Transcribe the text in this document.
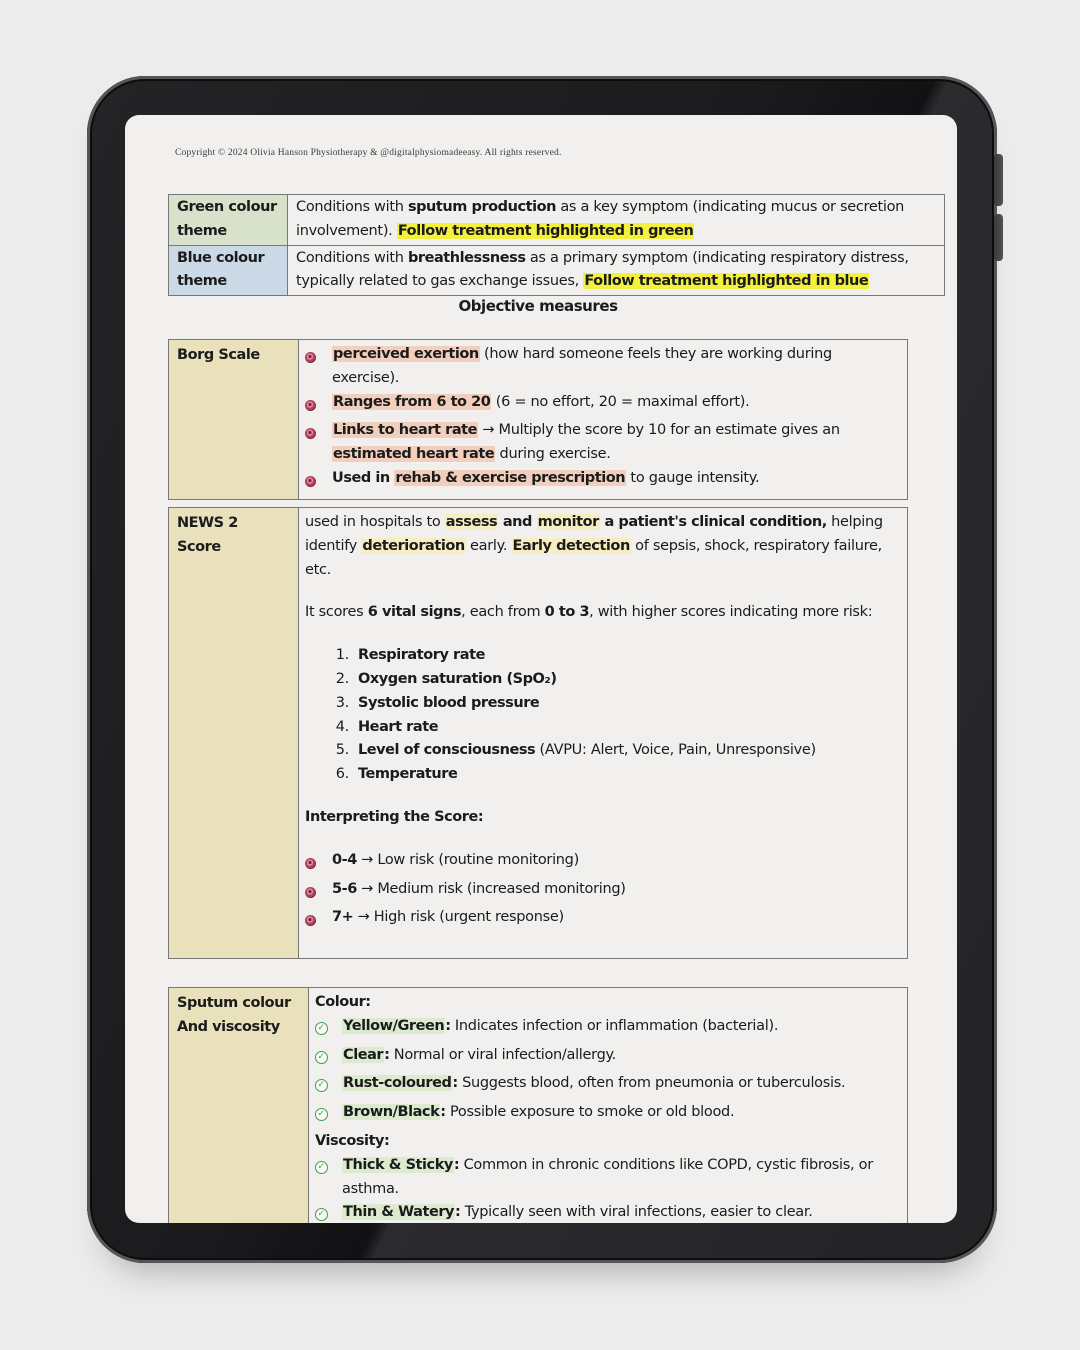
Copyright © 2024 Olivia Hanson Physiotherapy & @digitalphysiomadeeasy. All rights reserved.
Green colour theme
Conditions with sputum production as a key symptom (indicating mucus or secretion involvement). Follow treatment highlighted in green
Blue colour theme
Conditions with breathlessness as a primary symptom (indicating respiratory distress, typically related to gas exchange issues, Follow treatment highlighted in blue
Objective measures
Borg Scale	perceived exertion (how hard someone feels they are working during exercise).
Ranges from 6 to 20 (6 = no effort, 20 = maximal effort).
Links to heart rate → Multiply the score by 10 for an estimate gives an estimated heart rate during exercise.
Used in rehab & exercise prescription to gauge intensity.
NEWS 2
Score
used in hospitals to assess and monitor a patient's clinical condition, helping identify deterioration early. Early detection of sepsis, shock, respiratory failure, etc.
It scores 6 vital signs, each from 0 to 3, with higher scores indicating more risk:
1. Respiratory rate
2. Oxygen saturation (SpO₂)
3. Systolic blood pressure
4. Heart rate
5. Level of consciousness (AVPU: Alert, Voice, Pain, Unresponsive)
6. Temperature
Interpreting the Score:
0-4 → Low risk (routine monitoring)
5-6 → Medium risk (increased monitoring)
7+ → High risk (urgent response)
Sputum colour
And viscosity
Colour:
✓
Yellow/Green: Indicates infection or inflammation (bacterial).
✓
Clear: Normal or viral infection/allergy.
✓
Rust-coloured: Suggests blood, often from pneumonia or tuberculosis.
✓
Brown/Black: Possible exposure to smoke or old blood.
Viscosity:
✓
Thick & Sticky: Common in chronic conditions like COPD, cystic fibrosis, or asthma.
✓
Thin & Watery: Typically seen with viral infections, easier to clear.
